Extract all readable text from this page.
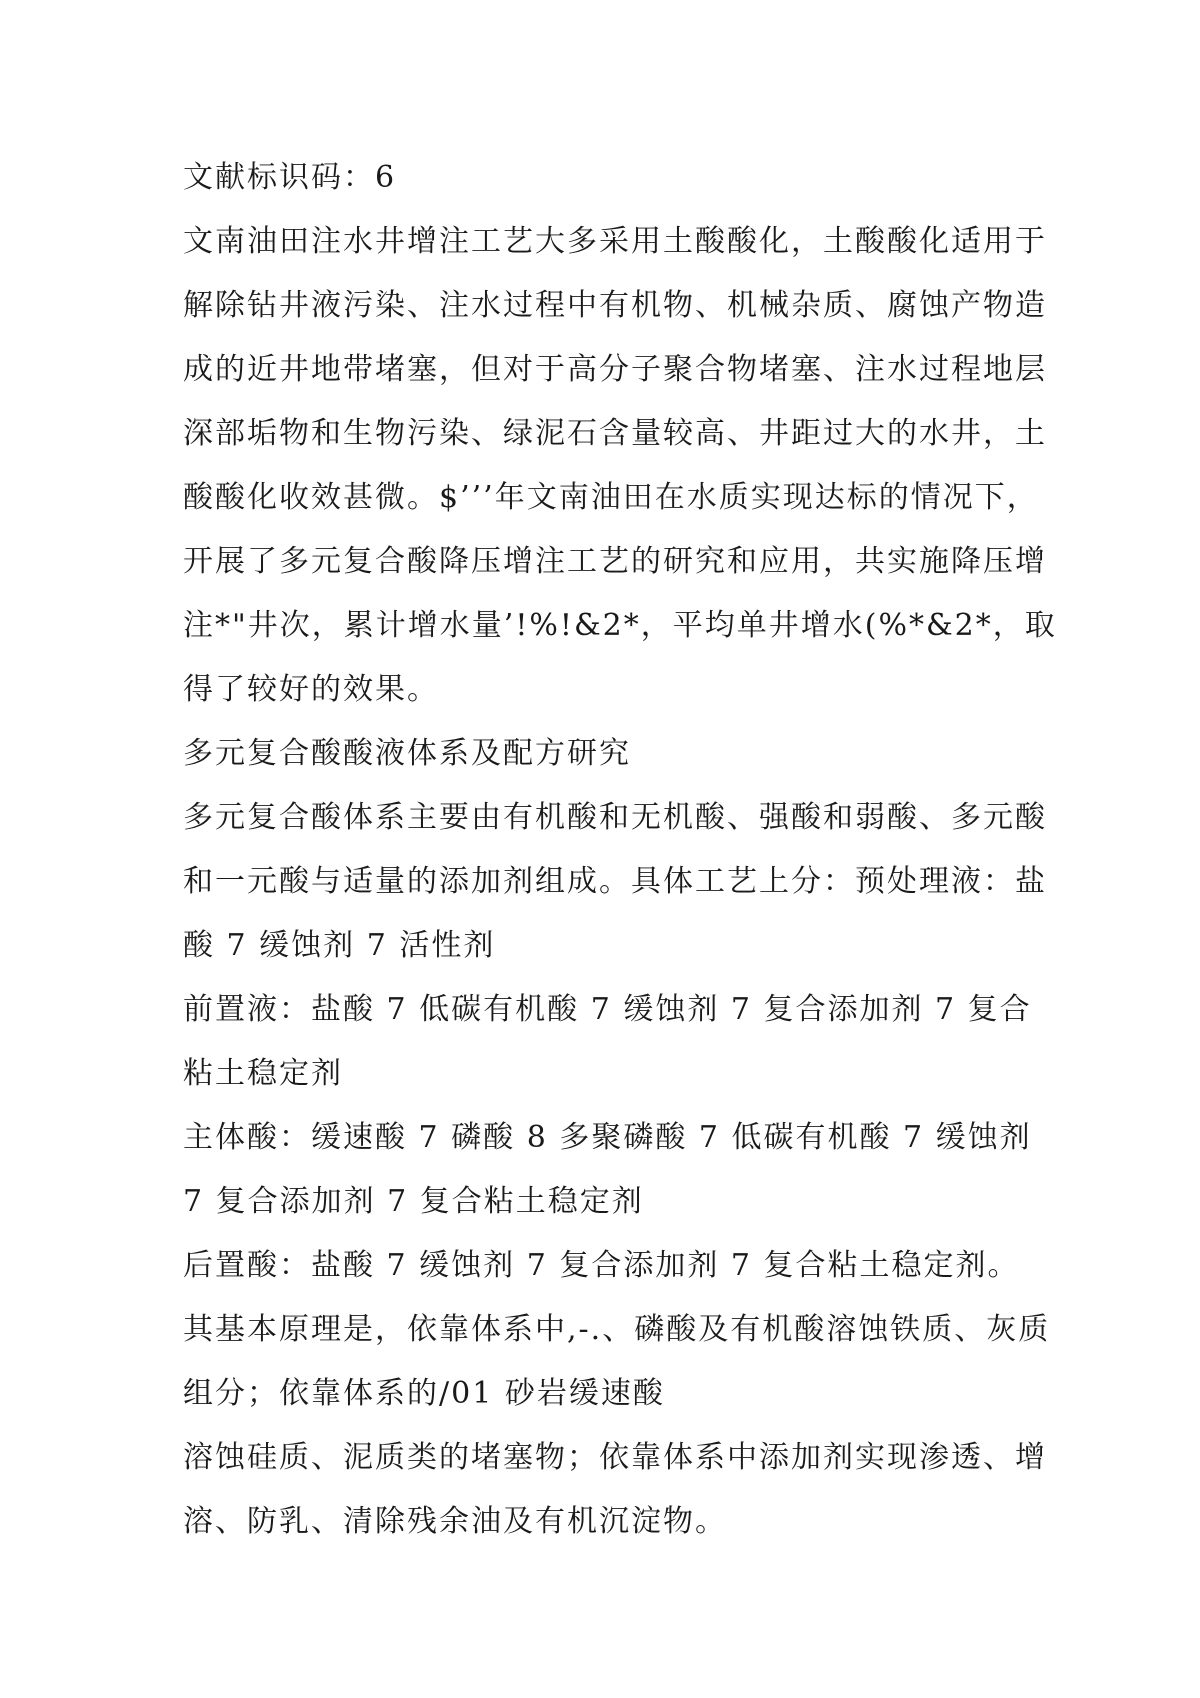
文献标识码：6

文南油田注水井增注工艺大多采用土酸酸化，土酸酸化适用于解除钻井液污染、注水过程中有机物、机械杂质、腐蚀产物造成的近井地带堵塞，但对于高分子聚合物堵塞、注水过程地层深部垢物和生物污染、绿泥石含量较高、井距过大的水井，土酸酸化收效甚微。$’’’年文南油田在水质实现达标的情况下，开展了多元复合酸降压增注工艺的研究和应用，共实施降压增注*"井次，累计增水量’!%!&2*，平均单井增水(%*&2*，取得了较好的效果。

多元复合酸酸液体系及配方研究

多元复合酸体系主要由有机酸和无机酸、强酸和弱酸、多元酸和一元酸与适量的添加剂组成。具体工艺上分：预处理液：盐酸 7 缓蚀剂 7 活性剂

前置液：盐酸 7 低碳有机酸 7 缓蚀剂 7 复合添加剂 7 复合粘土稳定剂

主体酸：缓速酸 7 磷酸 8 多聚磷酸 7 低碳有机酸 7 缓蚀剂 7 复合添加剂 7 复合粘土稳定剂

后置酸：盐酸 7 缓蚀剂 7 复合添加剂 7 复合粘土稳定剂。

其基本原理是，依靠体系中,-.、磷酸及有机酸溶蚀铁质、灰质组分；依靠体系的/01 砂岩缓速酸

溶蚀硅质、泥质类的堵塞物；依靠体系中添加剂实现渗透、增溶、防乳、清除残余油及有机沉淀物。
